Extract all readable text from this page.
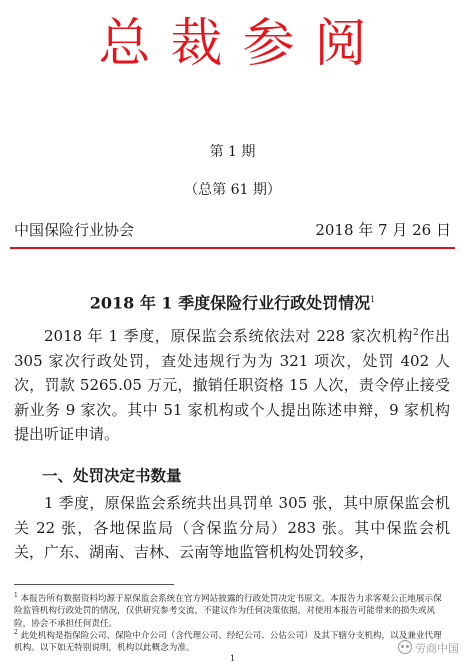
总裁参阅
第 1 期
（总第 61 期）
中国保险行业协会	2018 年 7 月 26 日
2018 年 1 季度保险行业行政处罚情况$^1$
2018 年 1 季度，原保监会系统依法对 228 家次机构$^2$作出 305 家次行政处罚，查处违规行为为 321 项次，处罚 402 人次，罚款 5265.05 万元，撤销任职资格 15 人次，责令停止接受新业务 9 家次。其中 51 家机构或个人提出陈述申辩，9 家机构提出听证申请。
一、处罚决定书数量
1 季度，原保监会系统共出具罚单 305 张，其中原保监会机关 22 张，各地保监局（含保监分局）283 张。其中保监会机关，广东、湖南、吉林、云南等地监管机构处罚较多，
$^1$ 本报告所有数据资料均源于原保监会系统在官方网站披露的行政处罚决定书原文。本报告力求客观公正地展示保险监管机构行政处罚的情况，仅供研究参考交流，不建议作为任何决策依据，对使用本报告可能带来的损失或风险，协会不承担任何责任。
$^2$ 此处机构是指保险公司、保险中介公司（含代理公司、经纪公司、公估公司）及其下辖分支机构，以及兼业代理机构。以下如无特别说明，机构以此概念为准。
1
劳商中国
